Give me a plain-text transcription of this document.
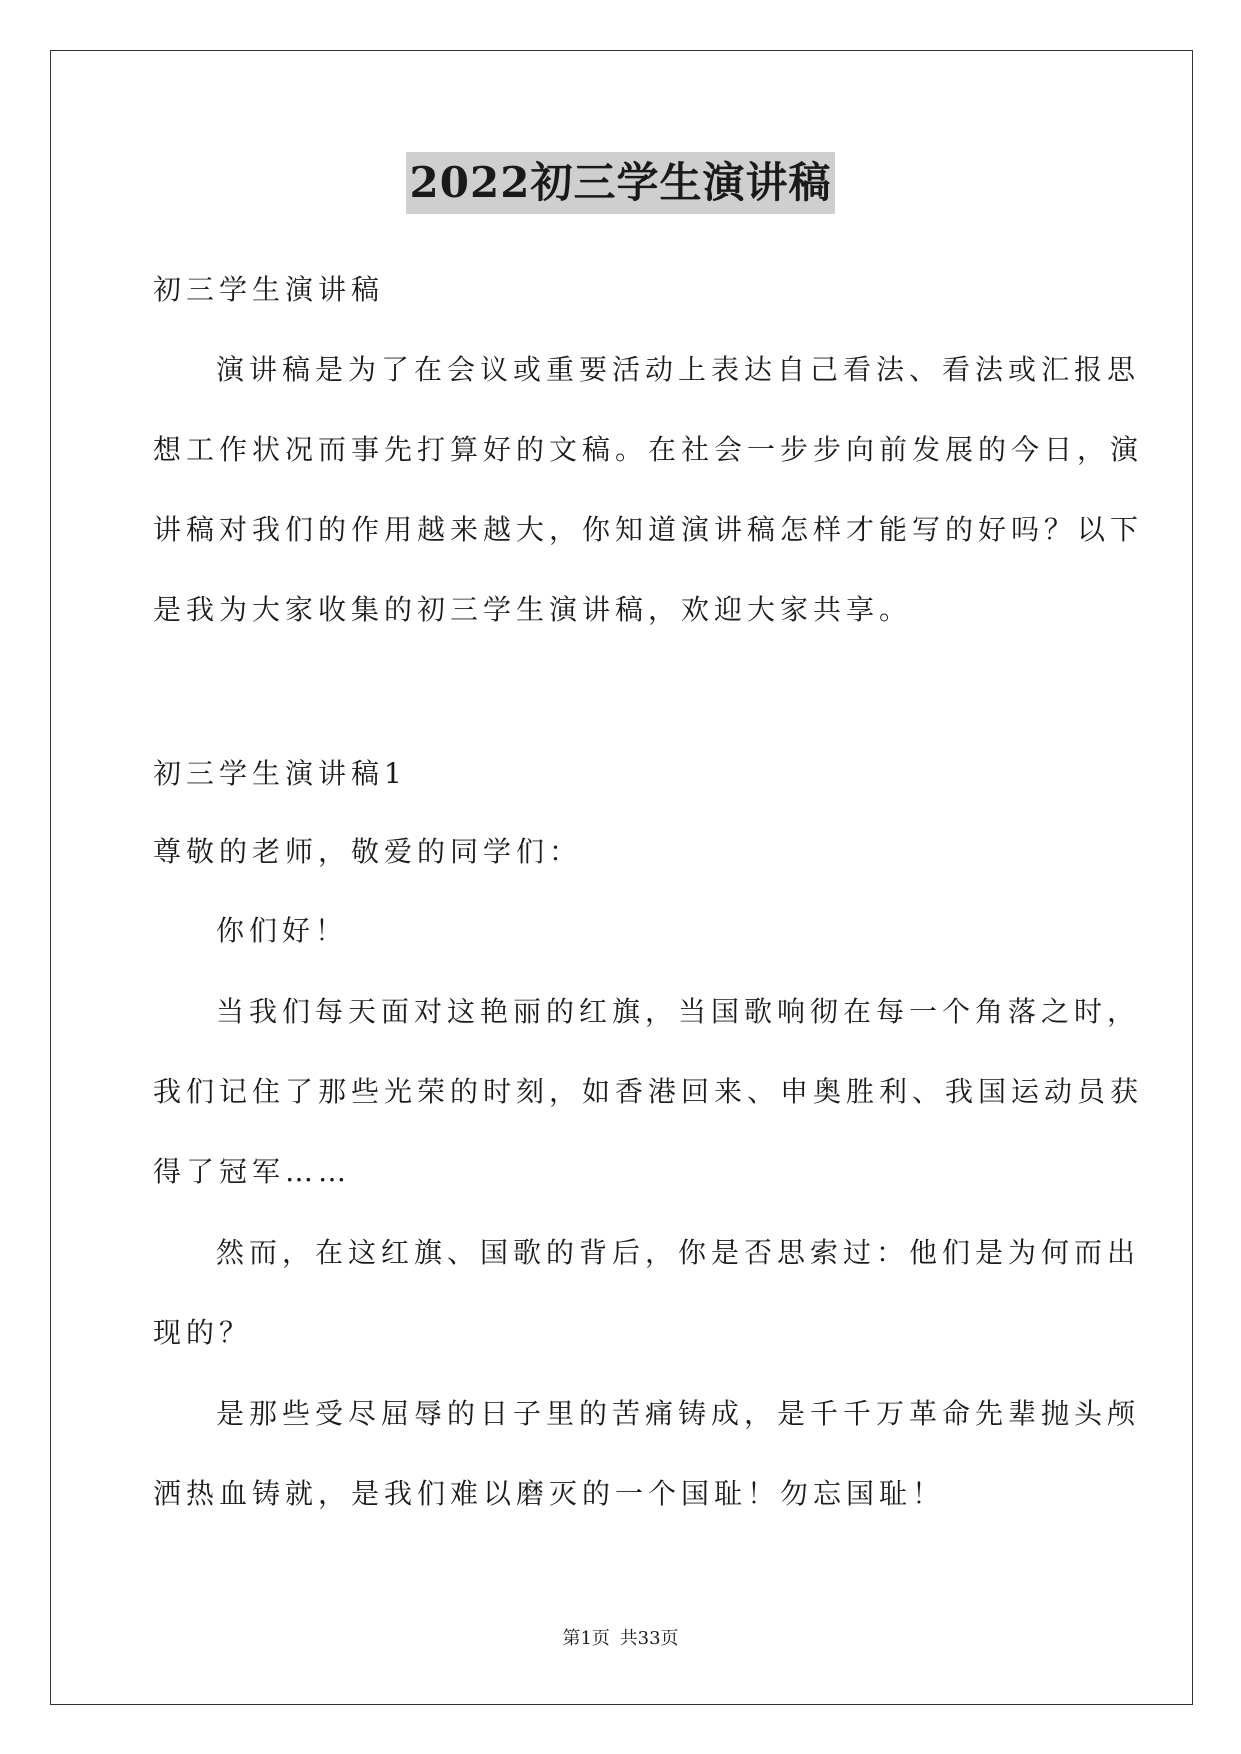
2022初三学生演讲稿
初三学生演讲稿
演讲稿是为了在会议或重要活动上表达自己看法、看法或汇报思
想工作状况而事先打算好的文稿。在社会一步步向前发展的今日，演
讲稿对我们的作用越来越大，你知道演讲稿怎样才能写的好吗？以下
是我为大家收集的初三学生演讲稿，欢迎大家共享。
初三学生演讲稿1
尊敬的老师，敬爱的同学们：
你们好！
当我们每天面对这艳丽的红旗，当国歌响彻在每一个角落之时，
我们记住了那些光荣的时刻，如香港回来、申奥胜利、我国运动员获
得了冠军……
然而，在这红旗、国歌的背后，你是否思索过：他们是为何而出
现的？
是那些受尽屈辱的日子里的苦痛铸成，是千千万革命先辈抛头颅
洒热血铸就，是我们难以磨灭的一个国耻！勿忘国耻！
第1页 共33页
